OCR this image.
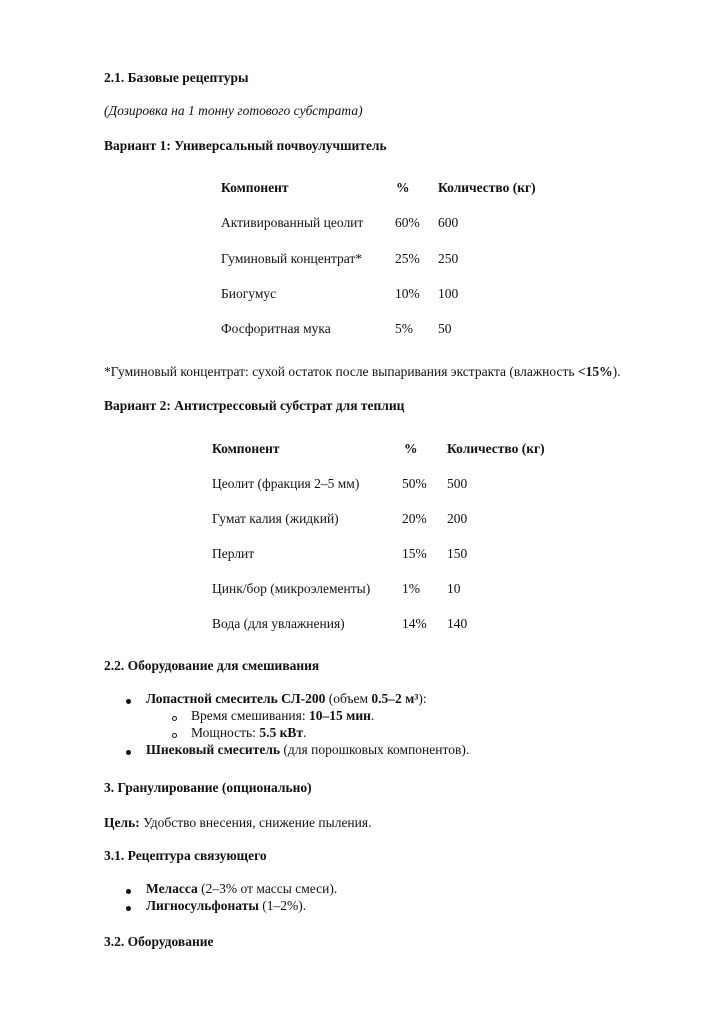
2.1. Базовые рецептуры
(Дозировка на 1 тонну готового субстрата)
Вариант 1: Универсальный почвоулучшитель
Компонент	% Количество (кг)
Активированный цеолит 60% 600
Гуминовый концентрат* 25% 250
Биогумус	10% 100
Фосфоритная мука	5% 50
*Гуминовый концентрат: сухой остаток после выпаривания экстракта (влажность <15%).
Вариант 2: Антистрессовый субстрат для теплиц
Компонент	% Количество (кг)
Цеолит (фракция 2–5 мм)	50% 500
Гумат калия (жидкий)	20% 200
Перлит	15% 150
Цинк/бор (микроэлементы) 1% 10
Вода (для увлажнения)	14% 140
2.2. Оборудование для смешивания
Лопастной смеситель СЛ-200 (объем 0.5–2 м³):
Время смешивания: 10–15 мин.
Мощность: 5.5 кВт.
Шнековый смеситель (для порошковых компонентов).
3. Гранулирование (опционально)
Цель: Удобство внесения, снижение пыления.
3.1. Рецептура связующего
Меласса (2–3% от массы смеси).
Лигносульфонаты (1–2%).
3.2. Оборудование
